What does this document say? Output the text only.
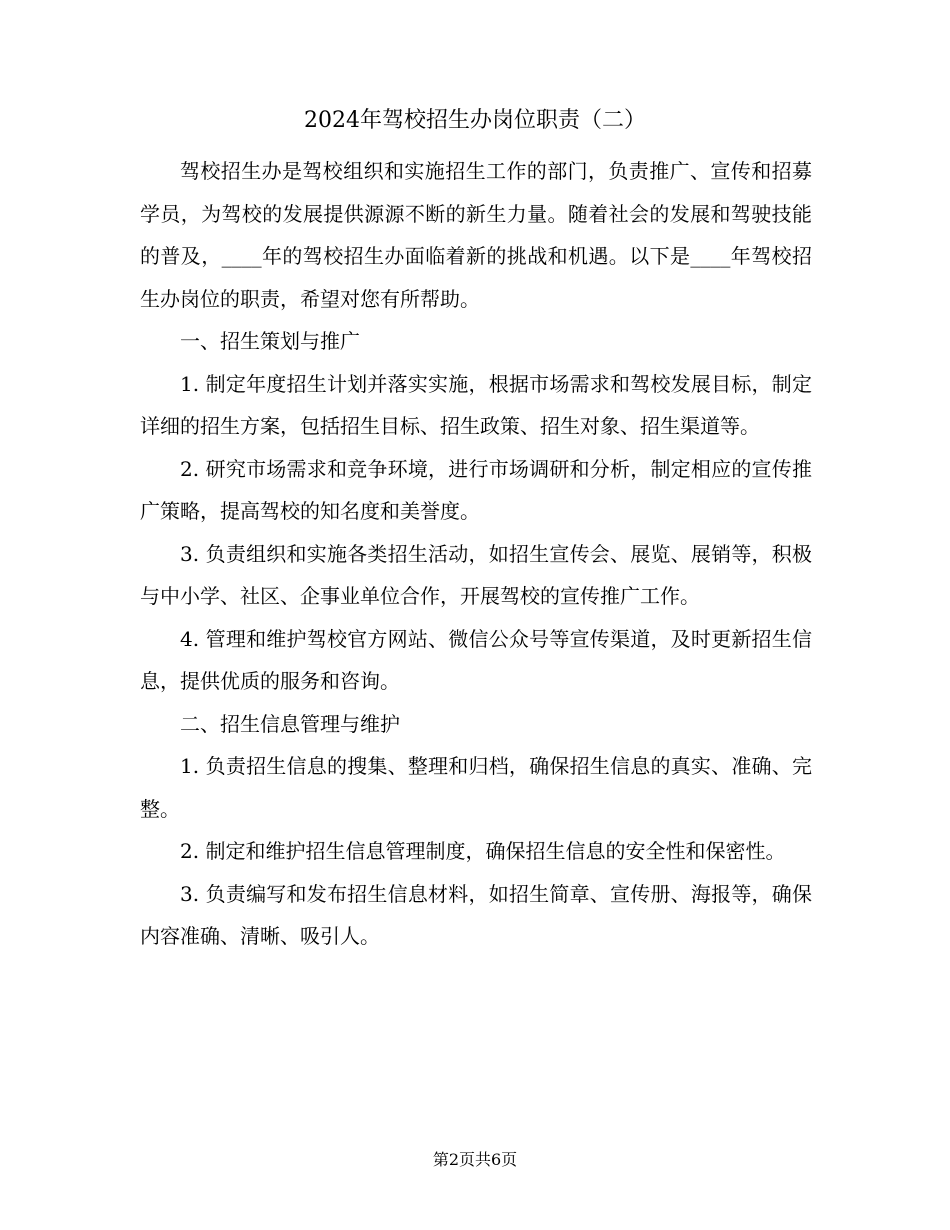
2024年驾校招生办岗位职责（二）

驾校招生办是驾校组织和实施招生工作的部门，负责推广、宣传和招募学员，为驾校的发展提供源源不断的新生力量。随着社会的发展和驾驶技能的普及，____年的驾校招生办面临着新的挑战和机遇。以下是____年驾校招生办岗位的职责，希望对您有所帮助。

一、招生策划与推广

1. 制定年度招生计划并落实实施，根据市场需求和驾校发展目标，制定详细的招生方案，包括招生目标、招生政策、招生对象、招生渠道等。

2. 研究市场需求和竞争环境，进行市场调研和分析，制定相应的宣传推广策略，提高驾校的知名度和美誉度。

3. 负责组织和实施各类招生活动，如招生宣传会、展览、展销等，积极与中小学、社区、企事业单位合作，开展驾校的宣传推广工作。

4. 管理和维护驾校官方网站、微信公众号等宣传渠道，及时更新招生信息，提供优质的服务和咨询。

二、招生信息管理与维护

1. 负责招生信息的搜集、整理和归档，确保招生信息的真实、准确、完整。

2. 制定和维护招生信息管理制度，确保招生信息的安全性和保密性。

3. 负责编写和发布招生信息材料，如招生简章、宣传册、海报等，确保内容准确、清晰、吸引人。

第2页共6页
